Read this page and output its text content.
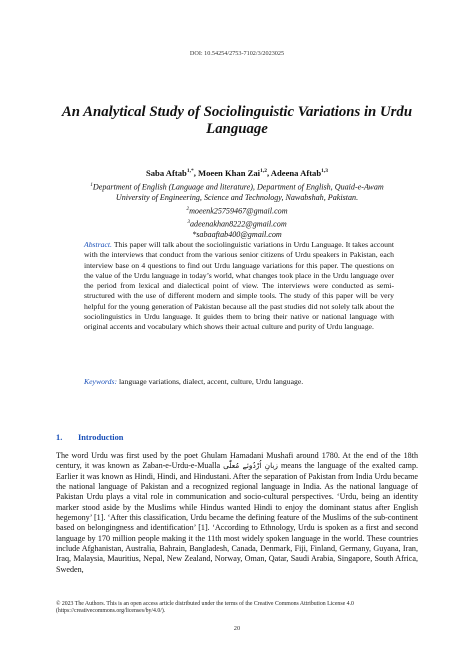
DOI: 10.54254/2753-7102/3/2023025
An Analytical Study of Sociolinguistic Variations in Urdu Language
Saba Aftab$^{1,*}$, Moeen Khan Zai$^{1,2}$, Adeena Aftab$^{1,3}$
$^1$Department of English (Language and literature), Department of English, Quaid-e-Awam
University of Engineering, Science and Technology, Nawabshah, Pakistan.
$^2$moeenk25759467@gmail.com
$^3$adeenakhan8222@gmail.com
*sabaaftab400@gmail.com
Abstract. This paper will talk about the sociolinguistic variations in Urdu Language. It takes account with the interviews that conduct from the various senior citizens of Urdu speakers in Pakistan, each interview base on 4 questions to find out Urdu language variations for this paper. The questions on the value of the Urdu language in today’s world, what changes took place in the Urdu language over the period from lexical and dialectical point of view. The interviews were conducted as semi-structured with the use of different modern and simple tools. The study of this paper will be very helpful for the young generation of Pakistan because all the past studies did not solely talk about the sociolinguistics in Urdu language. It guides them to bring their native or national language with original accents and vocabulary which shows their actual culture and purity of Urdu language.
Keywords: language variations, dialect, accent, culture, Urdu language.
1. Introduction

The word Urdu was first used by the poet Ghulam Hamadani Mushafi around 1780. At the end of the 18th century, it was known as Zaban-e-Urdu-e-Mualla زبانِ اُرْدُوئے مُعلّٰی means the language of the exalted camp. Earlier it was known as Hindi, Hindi, and Hindustani. After the separation of Pakistan from India Urdu became the national language of Pakistan and a recognized regional language in India. As the national language of Pakistan Urdu plays a vital role in communication and socio-cultural perspectives. ‘Urdu, being an identity marker stood aside by the Muslims while Hindus wanted Hindi to enjoy the dominant status after English hegemony’ [1]. ‘After this classification, Urdu became the defining feature of the Muslims of the sub-continent based on belongingness and identification’ [1]. ‘According to Ethnology, Urdu is spoken as a first and second language by 170 million people making it the 11th most widely spoken language in the world. These countries include Afghanistan, Australia, Bahrain, Bangladesh, Canada, Denmark, Fiji, Finland, Germany, Guyana, Iran, Iraq, Malaysia, Mauritius, Nepal, New Zealand, Norway, Oman, Qatar, Saudi Arabia, Singapore, South Africa, Sweden,

© 2023 The Authors. This is an open access article distributed under the terms of the Creative Commons Attribution License 4.0 (https://creativecommons.org/licenses/by/4.0/).
20
